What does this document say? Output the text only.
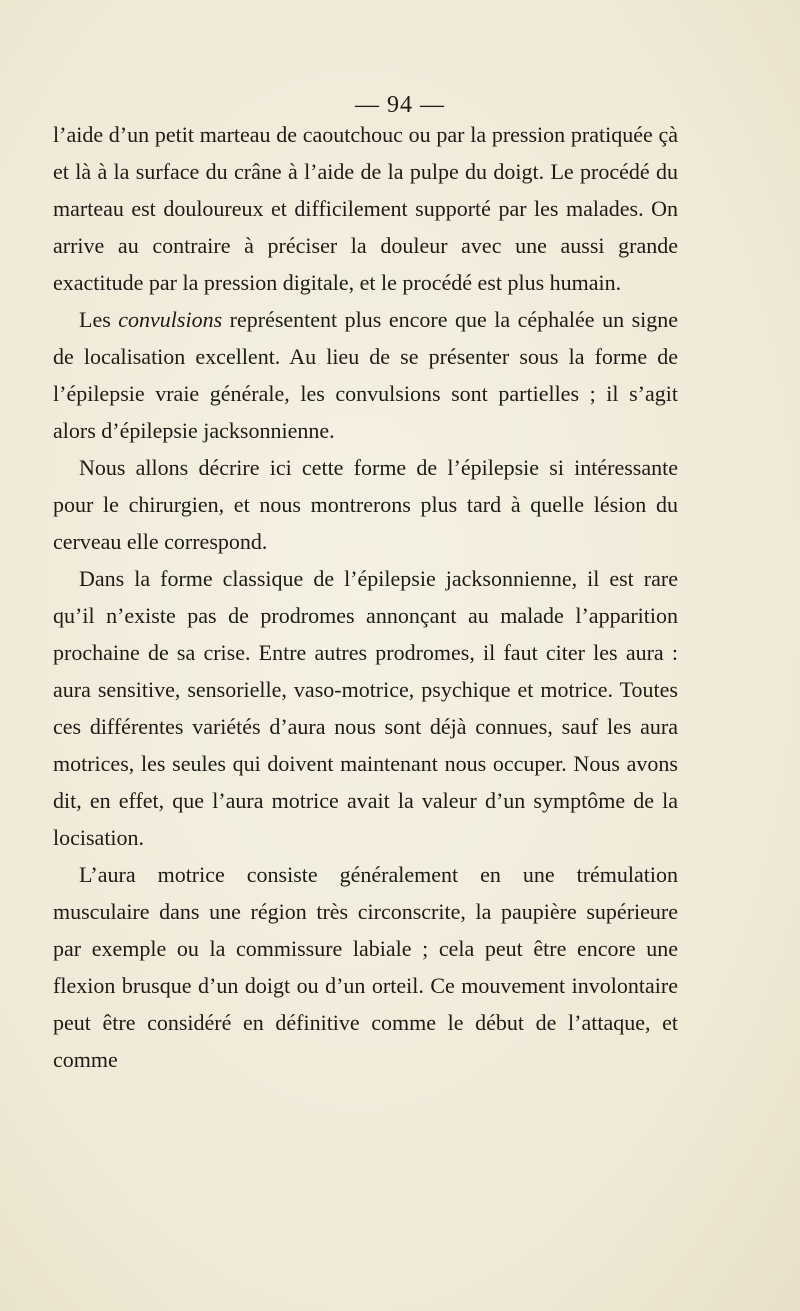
— 94 —

l’aide d’un petit marteau de caoutchouc ou par la pression pratiquée çà et là à la surface du crâne à l’aide de la pulpe du doigt. Le procédé du marteau est douloureux et difficilement supporté par les malades. On arrive au contraire à préciser la douleur avec une aussi grande exactitude par la pression digitale, et le procédé est plus humain.

Les convulsions représentent plus encore que la céphalée un signe de localisation excellent. Au lieu de se présenter sous la forme de l’épilepsie vraie générale, les convulsions sont partielles ; il s’agit alors d’épilepsie jacksonnienne.

Nous allons décrire ici cette forme de l’épilepsie si intéressante pour le chirurgien, et nous montrerons plus tard à quelle lésion du cerveau elle correspond.

Dans la forme classique de l’épilepsie jacksonnienne, il est rare qu’il n’existe pas de prodromes annonçant au malade l’apparition prochaine de sa crise. Entre autres prodromes, il faut citer les aura : aura sensitive, sensorielle, vaso-motrice, psychique et motrice. Toutes ces différentes variétés d’aura nous sont déjà connues, sauf les aura motrices, les seules qui doivent maintenant nous occuper. Nous avons dit, en effet, que l’aura motrice avait la valeur d’un symptôme de la locisation.

L’aura motrice consiste généralement en une trémulation musculaire dans une région très circonscrite, la paupière supérieure par exemple ou la commissure labiale ; cela peut être encore une flexion brusque d’un doigt ou d’un orteil. Ce mouvement involontaire peut être considéré en définitive comme le début de l’attaque, et comme
